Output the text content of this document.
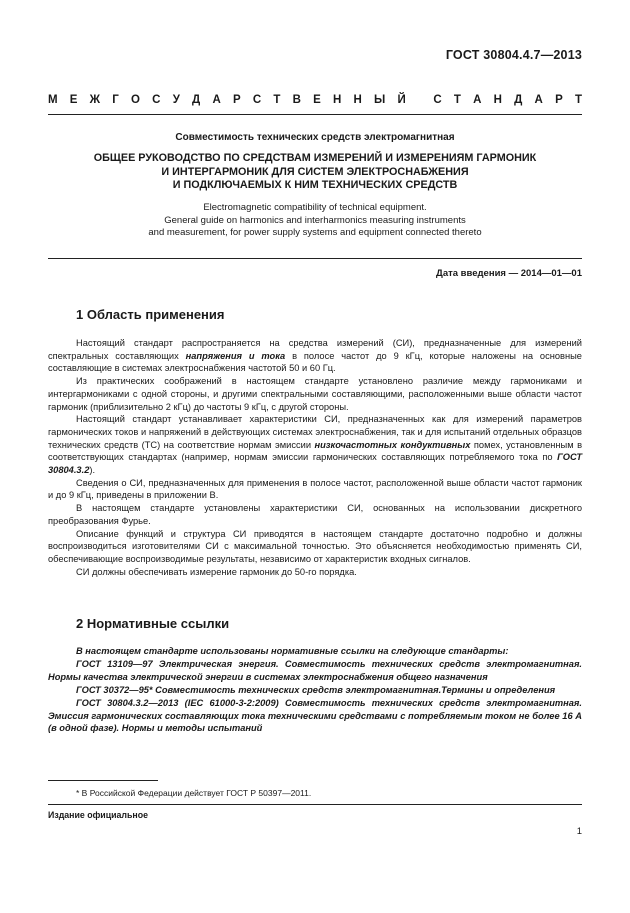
ГОСТ 30804.4.7—2013
М Е Ж Г О С У Д А Р С Т В Е Н Н Ы Й
С Т А Н Д А Р Т
Совместимость технических средств электромагнитная
ОБЩЕЕ РУКОВОДСТВО ПО СРЕДСТВАМ ИЗМЕРЕНИЙ И ИЗМЕРЕНИЯМ ГАРМОНИК
И ИНТЕРГАРМОНИК ДЛЯ СИСТЕМ ЭЛЕКТРОСНАБЖЕНИЯ
И ПОДКЛЮЧАЕМЫХ К НИМ ТЕХНИЧЕСКИХ СРЕДСТВ
Electromagnetic compatibility of technical equipment.
General guide on harmonics and interharmonics measuring instruments
and measurement, for power supply systems and equipment connected thereto
Дата введения — 2014—01—01
1 Область применения

Настоящий стандарт распространяется на средства измерений (СИ), предназначенные для измерений спектральных составляющих напряжения и тока в полосе частот до 9 кГц, которые наложены на основные составляющие в системах электроснабжения частотой 50 и 60 Гц.

Из практических соображений в настоящем стандарте установлено различие между гармониками и интергармониками с одной стороны, и другими спектральными составляющими, расположенными выше области частот гармоник (приблизительно 2 кГц) до частоты 9 кГц, с другой стороны.

Настоящий стандарт устанавливает характеристики СИ, предназначенных как для измерений параметров гармонических токов и напряжений в действующих системах электроснабжения, так и для испытаний отдельных образцов технических средств (ТС) на соответствие нормам эмиссии низкочастотных кондуктивных помех, установленным в соответствующих стандартах (например, нормам эмиссии гармонических составляющих потребляемого тока по ГОСТ 30804.3.2).

Сведения о СИ, предназначенных для применения в полосе частот, расположенной выше области частот гармоник и до 9 кГц, приведены в приложении В.

В настоящем стандарте установлены характеристики СИ, основанных на использовании дискретного преобразования Фурье.

Описание функций и структура СИ приводятся в настоящем стандарте достаточно подробно и должны воспроизводиться изготовителями СИ с максимальной точностью. Это объясняется необходимостью применять СИ, обеспечивающие воспроизводимые результаты, независимо от характеристик входных сигналов.

СИ должны обеспечивать измерение гармоник до 50-го порядка.

2 Нормативные ссылки

В настоящем стандарте использованы нормативные ссылки на следующие стандарты:

ГОСТ 13109—97 Электрическая энергия. Совместимость технических средств электромагнитная. Нормы качества электрической энергии в системах электроснабжения общего назначения

ГОСТ 30372—95* Совместимость технических средств электромагнитная.Термины и определения

ГОСТ 30804.3.2—2013 (IEC 61000-3-2:2009) Совместимость технических средств электромагнитная. Эмиссия гармонических составляющих тока техническими средствами с потребляемым током не более 16 А (в одной фазе). Нормы и методы испытаний

* В Российской Федерации действует ГОСТ Р 50397—2011.
Издание официальное
1
